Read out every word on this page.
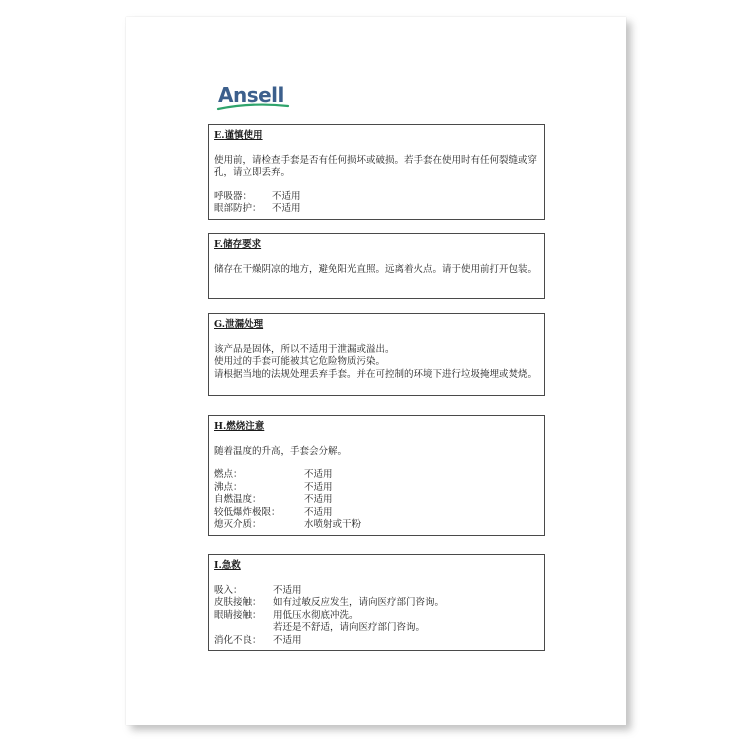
Ansell
E.谨慎使用

使用前，请检查手套是否有任何损坏或破损。若手套在使用时有任何裂缝或穿孔，请立即丢弃。

呼吸器：	不适用
眼部防护：	不适用
F.储存要求

储存在干燥阴凉的地方，避免阳光直照。远离着火点。请于使用前打开包装。

G.泄漏处理

该产品是固体，所以不适用于泄漏或溢出。

使用过的手套可能被其它危险物质污染。

请根据当地的法规处理丢弃手套。并在可控制的环境下进行垃圾掩埋或焚烧。

H.燃烧注意

随着温度的升高，手套会分解。

燃点：	不适用
沸点：	不适用
自燃温度：	不适用
较低爆炸极限：	不适用
熄灭介质：	水喷射或干粉
I.急救
吸入：	不适用
皮肤接触：	如有过敏反应发生，请向医疗部门咨询。
眼睛接触：	用低压水彻底冲洗。
若还是不舒适，请向医疗部门咨询。
消化不良：	不适用
